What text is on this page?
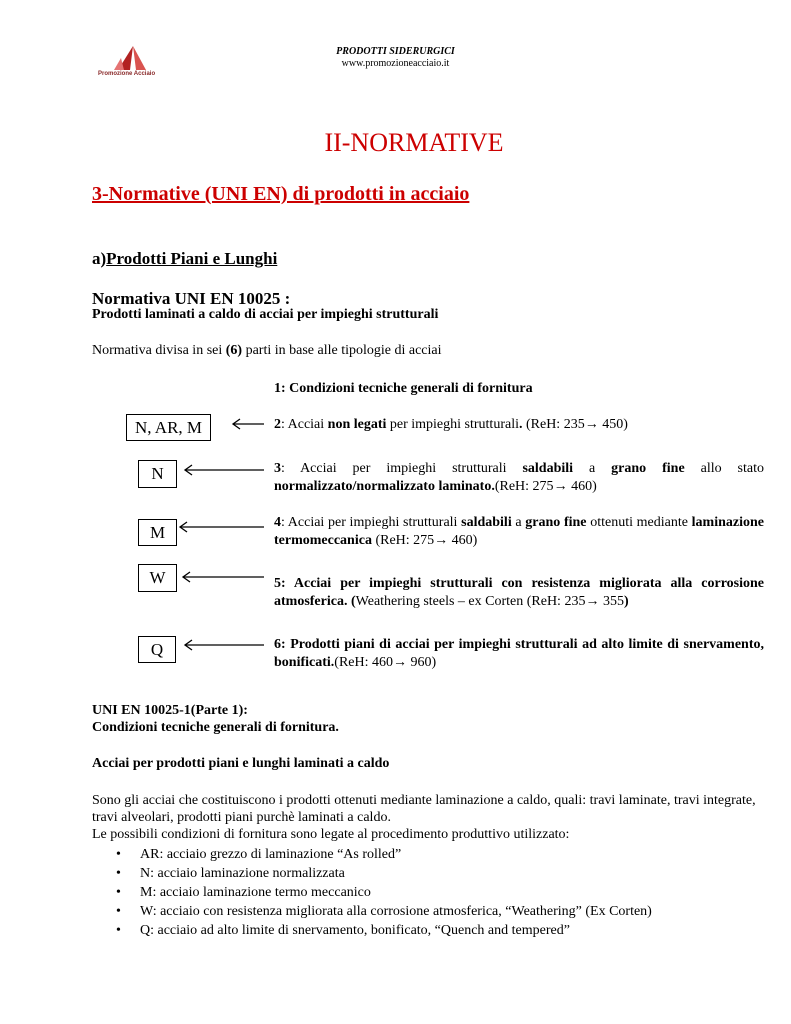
Promozione Acciaio
PRODOTTI SIDERURGICI
www.promozioneacciaio.it
II-NORMATIVE
3-Normative (UNI EN) di prodotti in acciaio
a)Prodotti Piani e Lunghi
Normativa UNI EN 10025 :
Prodotti laminati a caldo di acciai per impieghi strutturali
Normativa divisa in sei (6) parti in base alle tipologie di acciai
1: Condizioni tecniche generali di fornitura
N, AR, M
N
M
W
Q
2: Acciai non legati per impieghi strutturali. (ReH: 235→ 450)
3: Acciai per impieghi strutturali saldabili a grano fine allo stato normalizzato/normalizzato laminato.(ReH: 275→ 460)
4: Acciai per impieghi strutturali saldabili a grano fine ottenuti mediante laminazione termomeccanica (ReH: 275→ 460)
5: Acciai per impieghi strutturali con resistenza migliorata alla corrosione atmosferica. (Weathering steels – ex Corten (ReH: 235→ 355)
6: Prodotti piani di acciai per impieghi strutturali ad alto limite di snervamento, bonificati.(ReH: 460→ 960)
UNI EN 10025-1(Parte 1):
Condizioni tecniche generali di fornitura.
Acciai per prodotti piani e lunghi laminati a caldo
Sono gli acciai che costituiscono i prodotti ottenuti mediante laminazione a caldo, quali: travi laminate, travi integrate, travi alveolari, prodotti piani purchè laminati a caldo.
Le possibili condizioni di fornitura sono legate al procedimento produttivo utilizzato:
• AR: acciaio grezzo di laminazione “As rolled”
• N: acciaio laminazione normalizzata
• M: acciaio laminazione termo meccanico
• W: acciaio con resistenza migliorata alla corrosione atmosferica, “Weathering” (Ex Corten)
• Q: acciaio ad alto limite di snervamento, bonificato, “Quench and tempered”
